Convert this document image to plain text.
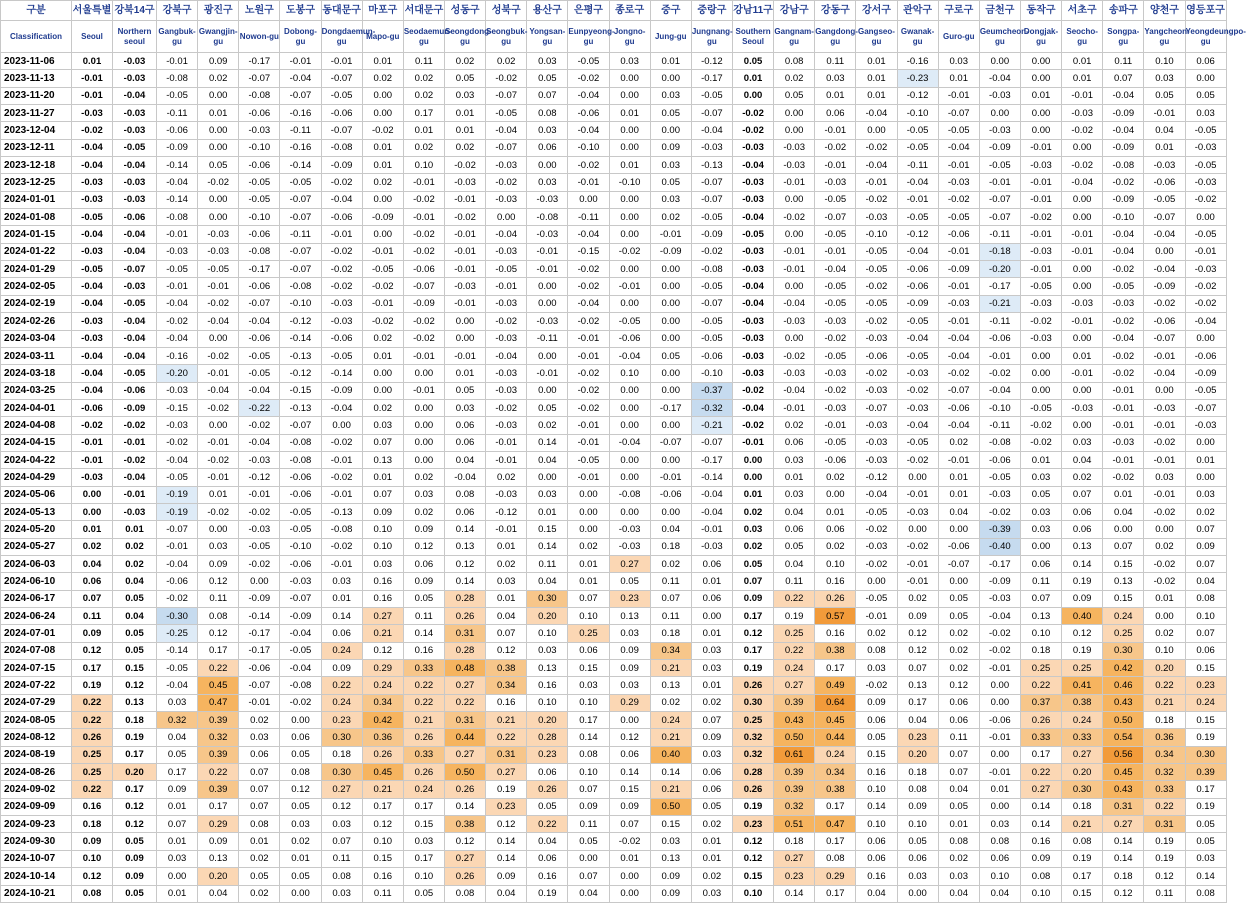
구분	서울특별	강북14구	강북구	광진구	노원구	도봉구	동대문구	마포구	서대문구	성동구	성북구	용산구	은평구	종로구	중구	중랑구	강남11구	강남구	강동구	강서구	관악구	구로구	금천구	동작구	서초구	송파구	양천구	영등포구
Classification	Seoul	Northern seoul	Gangbuk-gu	Gwangjin-gu	Nowon-gu	Dobong-gu	Dongdaemun-gu	Mapo-gu	Seodaemun-gu	Seongdong-gu	Seongbuk-gu	Yongsan-gu	Eunpyeong-gu	Jongno-gu	Jung-gu	Jungnang-gu	Southern Seoul	Gangnam-gu	Gangdong-gu	Gangseo-gu	Gwanak-gu	Guro-gu	Geumcheon-gu	Dongjak-gu	Seocho-gu	Songpa-gu	Yangcheon-gu	Yeongdeungpo-gu
2023-11-06	0.01	-0.03	-0.01	0.09	-0.17	-0.01	-0.01	0.01	0.11	0.02	0.02	0.03	-0.05	0.03	0.01	-0.12	0.05	0.08	0.11	0.01	-0.16	0.03	0.00	0.00	0.01	0.11	0.10	0.06
2023-11-13	-0.01	-0.03	-0.08	0.02	-0.07	-0.04	-0.07	0.02	0.02	0.05	-0.02	0.05	-0.02	0.00	0.00	-0.17	0.01	0.02	0.03	0.01	-0.23	0.01	-0.04	0.00	0.01	0.07	0.03	0.00
2023-11-20	-0.01	-0.04	-0.05	0.00	-0.08	-0.07	-0.05	0.00	0.02	0.03	-0.07	0.07	-0.04	0.00	0.03	-0.05	0.00	0.05	0.01	0.01	-0.12	-0.01	-0.03	0.01	-0.01	-0.04	0.05	0.05
2023-11-27	-0.03	-0.03	-0.11	0.01	-0.06	-0.16	-0.06	0.00	0.17	0.01	-0.05	0.08	-0.06	0.01	0.05	-0.07	-0.02	0.00	0.06	-0.04	-0.10	-0.07	0.00	0.00	-0.03	-0.09	-0.01	0.03
2023-12-04	-0.02	-0.03	-0.06	0.00	-0.03	-0.11	-0.07	-0.02	0.01	0.01	-0.04	0.03	-0.04	0.00	0.00	-0.04	-0.02	0.00	-0.01	0.00	-0.05	-0.05	-0.03	0.00	-0.02	-0.04	0.04	-0.05
2023-12-11	-0.04	-0.05	-0.09	0.00	-0.10	-0.16	-0.08	0.01	0.02	0.02	-0.07	0.06	-0.10	0.00	0.09	-0.03	-0.03	-0.03	-0.02	-0.02	-0.05	-0.04	-0.09	-0.01	0.00	-0.09	0.01	-0.03
2023-12-18	-0.04	-0.04	-0.14	0.05	-0.06	-0.14	-0.09	0.01	0.10	-0.02	-0.03	0.00	-0.02	0.01	0.03	-0.13	-0.04	-0.03	-0.01	-0.04	-0.11	-0.01	-0.05	-0.03	-0.02	-0.08	-0.03	-0.05
2023-12-25	-0.03	-0.03	-0.04	-0.02	-0.05	-0.05	-0.02	0.02	-0.01	-0.03	-0.02	0.03	-0.01	-0.10	0.05	-0.07	-0.03	-0.01	-0.03	-0.01	-0.04	-0.03	-0.01	-0.01	-0.04	-0.02	-0.06	-0.03
2024-01-01	-0.03	-0.03	-0.14	0.00	-0.05	-0.07	-0.04	0.00	-0.02	-0.01	-0.03	-0.03	0.00	0.00	0.03	-0.07	-0.03	0.00	-0.05	-0.02	-0.01	-0.02	-0.07	-0.01	0.00	-0.09	-0.05	-0.02
2024-01-08	-0.05	-0.06	-0.08	0.00	-0.10	-0.07	-0.06	-0.09	-0.01	-0.02	0.00	-0.08	-0.11	0.00	0.02	-0.05	-0.04	-0.02	-0.07	-0.03	-0.05	-0.05	-0.07	-0.02	0.00	-0.10	-0.07	0.00
2024-01-15	-0.04	-0.04	-0.01	-0.03	-0.06	-0.11	-0.01	0.00	-0.02	-0.01	-0.04	-0.03	-0.04	0.00	-0.01	-0.09	-0.05	0.00	-0.05	-0.10	-0.12	-0.06	-0.11	-0.01	-0.01	-0.04	-0.04	-0.05
2024-01-22	-0.03	-0.04	-0.03	-0.03	-0.08	-0.07	-0.02	-0.01	-0.02	-0.01	-0.03	-0.01	-0.15	-0.02	-0.09	-0.02	-0.03	-0.01	-0.01	-0.05	-0.04	-0.01	-0.18	-0.03	-0.01	-0.04	0.00	-0.01
2024-01-29	-0.05	-0.07	-0.05	-0.05	-0.17	-0.07	-0.02	-0.05	-0.06	-0.01	-0.05	-0.01	-0.02	0.00	0.00	-0.08	-0.03	-0.01	-0.04	-0.05	-0.06	-0.09	-0.20	-0.01	0.00	-0.02	-0.04	-0.03
2024-02-05	-0.04	-0.03	-0.01	-0.01	-0.06	-0.08	-0.02	-0.02	-0.07	-0.03	-0.01	0.00	-0.02	-0.01	0.00	-0.05	-0.04	0.00	-0.05	-0.02	-0.06	-0.01	-0.17	-0.05	0.00	-0.05	-0.09	-0.02
2024-02-19	-0.04	-0.05	-0.04	-0.02	-0.07	-0.10	-0.03	-0.01	-0.09	-0.01	-0.03	0.00	-0.04	0.00	0.00	-0.07	-0.04	-0.04	-0.05	-0.05	-0.09	-0.03	-0.21	-0.03	-0.03	-0.03	-0.02	-0.02
2024-02-26	-0.03	-0.04	-0.02	-0.04	-0.04	-0.12	-0.03	-0.02	-0.02	0.00	-0.02	-0.03	-0.02	-0.05	0.00	-0.05	-0.03	-0.03	-0.03	-0.02	-0.05	-0.01	-0.11	-0.02	-0.01	-0.02	-0.06	-0.04
2024-03-04	-0.03	-0.04	-0.04	0.00	-0.06	-0.14	-0.06	0.02	-0.02	0.00	-0.03	-0.11	-0.01	-0.06	0.00	-0.05	-0.03	0.00	-0.02	-0.03	-0.04	-0.04	-0.06	-0.03	0.00	-0.04	-0.07	0.00
2024-03-11	-0.04	-0.04	-0.16	-0.02	-0.05	-0.13	-0.05	0.01	-0.01	-0.01	-0.04	0.00	-0.01	-0.04	0.05	-0.06	-0.03	-0.02	-0.05	-0.06	-0.05	-0.04	-0.01	0.00	0.01	-0.02	-0.01	-0.06
2024-03-18	-0.04	-0.05	-0.20	-0.01	-0.05	-0.12	-0.14	0.00	0.00	0.01	-0.03	-0.01	-0.02	0.10	0.00	-0.10	-0.03	-0.03	-0.03	-0.02	-0.03	-0.02	-0.02	0.00	-0.01	-0.02	-0.04	-0.09
2024-03-25	-0.04	-0.06	-0.03	-0.04	-0.04	-0.15	-0.09	0.00	-0.01	0.05	-0.03	0.00	-0.02	0.00	0.00	-0.37	-0.02	-0.04	-0.02	-0.03	-0.02	-0.07	-0.04	0.00	0.00	-0.01	0.00	-0.05
2024-04-01	-0.06	-0.09	-0.15	-0.02	-0.22	-0.13	-0.04	0.02	0.00	0.03	-0.02	0.05	-0.02	0.00	-0.17	-0.32	-0.04	-0.01	-0.03	-0.07	-0.03	-0.06	-0.10	-0.05	-0.03	-0.01	-0.03	-0.07
2024-04-08	-0.02	-0.02	-0.03	0.00	-0.02	-0.07	0.00	0.03	0.00	0.06	-0.03	0.02	-0.01	0.00	0.00	-0.21	-0.02	0.02	-0.01	-0.03	-0.04	-0.04	-0.11	-0.02	0.00	-0.01	-0.01	-0.03
2024-04-15	-0.01	-0.01	-0.02	-0.01	-0.04	-0.08	-0.02	0.07	0.00	0.06	-0.01	0.14	-0.01	-0.04	-0.07	-0.07	-0.01	0.06	-0.05	-0.03	-0.05	0.02	-0.08	-0.02	0.03	-0.03	-0.02	0.00
2024-04-22	-0.01	-0.02	-0.04	-0.02	-0.03	-0.08	-0.01	0.13	0.00	0.04	-0.01	0.04	-0.05	0.00	0.00	-0.17	0.00	0.03	-0.06	-0.03	-0.02	-0.01	-0.06	0.01	0.04	-0.01	-0.01	0.01
2024-04-29	-0.03	-0.04	-0.05	-0.01	-0.12	-0.06	-0.02	0.01	0.02	-0.04	0.02	0.00	-0.01	0.00	-0.01	-0.14	0.00	0.01	0.02	-0.12	0.00	0.01	-0.05	0.03	0.02	-0.02	0.03	0.00
2024-05-06	0.00	-0.01	-0.19	0.01	-0.01	-0.06	-0.01	0.07	0.03	0.08	-0.03	0.03	0.00	-0.08	-0.06	-0.04	0.01	0.03	0.00	-0.04	-0.01	0.01	-0.03	0.05	0.07	0.01	-0.01	0.03
2024-05-13	0.00	-0.03	-0.19	-0.02	-0.02	-0.05	-0.13	0.09	0.02	0.06	-0.12	0.01	0.00	0.00	0.00	-0.04	0.02	0.04	0.01	-0.05	-0.03	0.04	-0.02	0.03	0.06	0.04	-0.02	0.02
2024-05-20	0.01	0.01	-0.07	0.00	-0.03	-0.05	-0.08	0.10	0.09	0.14	-0.01	0.15	0.00	-0.03	0.04	-0.01	0.03	0.06	0.06	-0.02	0.00	0.00	-0.39	0.03	0.06	0.00	0.00	0.07
2024-05-27	0.02	0.02	-0.01	0.03	-0.05	-0.10	-0.02	0.10	0.12	0.13	0.01	0.14	0.02	-0.03	0.18	-0.03	0.02	0.05	0.02	-0.03	-0.02	-0.06	-0.40	0.00	0.13	0.07	0.02	0.09
2024-06-03	0.04	0.02	-0.04	0.09	-0.02	-0.06	-0.01	0.03	0.06	0.12	0.02	0.11	0.01	0.27	0.02	0.06	0.05	0.04	0.10	-0.02	-0.01	-0.07	-0.17	0.06	0.14	0.15	-0.02	0.07
2024-06-10	0.06	0.04	-0.06	0.12	0.00	-0.03	0.03	0.16	0.09	0.14	0.03	0.04	0.01	0.05	0.11	0.01	0.07	0.11	0.16	0.00	-0.01	0.00	-0.09	0.11	0.19	0.13	-0.02	0.04
2024-06-17	0.07	0.05	-0.02	0.11	-0.09	-0.07	0.01	0.16	0.05	0.28	0.01	0.30	0.07	0.23	0.07	0.06	0.09	0.22	0.26	-0.05	0.02	0.05	-0.03	0.07	0.09	0.15	0.01	0.08
2024-06-24	0.11	0.04	-0.30	0.08	-0.14	-0.09	0.14	0.27	0.11	0.26	0.04	0.20	0.10	0.13	0.11	0.00	0.17	0.19	0.57	-0.01	0.09	0.05	-0.04	0.13	0.40	0.24	0.00	0.10
2024-07-01	0.09	0.05	-0.25	0.12	-0.17	-0.04	0.06	0.21	0.14	0.31	0.07	0.10	0.25	0.03	0.18	0.01	0.12	0.25	0.16	0.02	0.12	0.02	-0.02	0.10	0.12	0.25	0.02	0.07
2024-07-08	0.12	0.05	-0.14	0.17	-0.17	-0.05	0.24	0.12	0.16	0.28	0.12	0.03	0.06	0.09	0.34	0.03	0.17	0.22	0.38	0.08	0.12	0.02	-0.02	0.18	0.19	0.30	0.10	0.06
2024-07-15	0.17	0.15	-0.05	0.22	-0.06	-0.04	0.09	0.29	0.33	0.48	0.38	0.13	0.15	0.09	0.21	0.03	0.19	0.24	0.17	0.03	0.07	0.02	-0.01	0.25	0.25	0.42	0.20	0.15
2024-07-22	0.19	0.12	-0.04	0.45	-0.07	-0.08	0.22	0.24	0.22	0.27	0.34	0.16	0.03	0.03	0.13	0.01	0.26	0.27	0.49	-0.02	0.13	0.12	0.00	0.22	0.41	0.46	0.22	0.23
2024-07-29	0.22	0.13	0.03	0.47	-0.01	-0.02	0.24	0.34	0.22	0.22	0.16	0.10	0.10	0.29	0.02	0.02	0.30	0.39	0.64	0.09	0.17	0.06	0.00	0.37	0.38	0.43	0.21	0.24
2024-08-05	0.22	0.18	0.32	0.39	0.02	0.00	0.23	0.42	0.21	0.31	0.21	0.20	0.17	0.00	0.24	0.07	0.25	0.43	0.45	0.06	0.04	0.06	-0.06	0.26	0.24	0.50	0.18	0.15
2024-08-12	0.26	0.19	0.04	0.32	0.03	0.06	0.30	0.36	0.26	0.44	0.22	0.28	0.14	0.12	0.21	0.09	0.32	0.50	0.44	0.05	0.23	0.11	-0.01	0.33	0.33	0.54	0.36	0.19
2024-08-19	0.25	0.17	0.05	0.39	0.06	0.05	0.18	0.26	0.33	0.27	0.31	0.23	0.08	0.06	0.40	0.03	0.32	0.61	0.24	0.15	0.20	0.07	0.00	0.17	0.27	0.56	0.34	0.30
2024-08-26	0.25	0.20	0.17	0.22	0.07	0.08	0.30	0.45	0.26	0.50	0.27	0.06	0.10	0.14	0.14	0.06	0.28	0.39	0.34	0.16	0.18	0.07	-0.01	0.22	0.20	0.45	0.32	0.39
2024-09-02	0.22	0.17	0.09	0.39	0.07	0.12	0.27	0.21	0.24	0.26	0.19	0.26	0.07	0.15	0.21	0.06	0.26	0.39	0.38	0.10	0.08	0.04	0.01	0.27	0.30	0.43	0.33	0.17
2024-09-09	0.16	0.12	0.01	0.17	0.07	0.05	0.12	0.17	0.17	0.14	0.23	0.05	0.09	0.09	0.50	0.05	0.19	0.32	0.17	0.14	0.09	0.05	0.00	0.14	0.18	0.31	0.22	0.19
2024-09-23	0.18	0.12	0.07	0.29	0.08	0.03	0.03	0.12	0.15	0.38	0.12	0.22	0.11	0.07	0.15	0.02	0.23	0.51	0.47	0.10	0.10	0.01	0.03	0.14	0.21	0.27	0.31	0.05
2024-09-30	0.09	0.05	0.01	0.09	0.01	0.02	0.07	0.10	0.03	0.12	0.14	0.04	0.05	-0.02	0.03	0.01	0.12	0.18	0.17	0.06	0.05	0.08	0.08	0.16	0.08	0.14	0.19	0.05
2024-10-07	0.10	0.09	0.03	0.13	0.02	0.01	0.11	0.15	0.17	0.27	0.14	0.06	0.00	0.01	0.13	0.01	0.12	0.27	0.08	0.06	0.06	0.02	0.06	0.09	0.19	0.14	0.19	0.03
2024-10-14	0.12	0.09	0.00	0.20	0.05	0.05	0.08	0.16	0.10	0.26	0.09	0.16	0.07	0.00	0.09	0.02	0.15	0.23	0.29	0.16	0.03	0.03	0.10	0.08	0.17	0.18	0.12	0.14
2024-10-21	0.08	0.05	0.01	0.04	0.02	0.00	0.03	0.11	0.05	0.08	0.04	0.19	0.04	0.00	0.09	0.03	0.10	0.14	0.17	0.04	0.00	0.04	0.04	0.10	0.15	0.12	0.11	0.08
